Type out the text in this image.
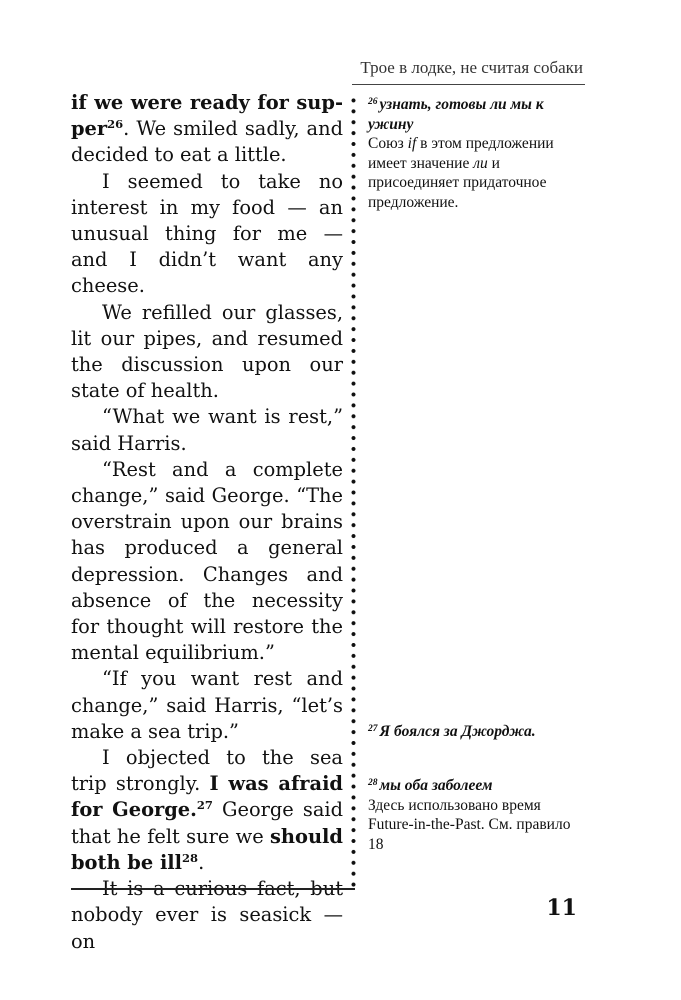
Трое в лодке, не считая собаки

if we were ready for sup-per$^{26}$. We smiled sadly, and decided to eat a little.

I seemed to take no interest in my food — an unusual thing for me — and I didn’t want any cheese.

We refilled our glasses, lit our pipes, and resumed the discussion upon our state of health.

“What we want is rest,” said Harris.

“Rest and a complete change,” said George. “The overstrain upon our brains has produced a general depression. Changes and absence of the necessity for thought will restore the mental equilibrium.”

“If you want rest and change,” said Harris, “let’s make a sea trip.”

I objected to the sea trip strongly. I was afraid for George.$^{27}$ George said that he felt sure we should both be ill$^{28}$.

It is a curious fact, but nobody ever is seasick — on

$^{26}$ узнать, готовы ли мы к ужину
Союз if в этом предложении имеет значение ли и присоединяет придаточное предложение.
$^{27}$ Я боялся за Джорджа.
$^{28}$ мы оба заболеем
Здесь использовано время Future-in-the-Past. См. правило 18
11
